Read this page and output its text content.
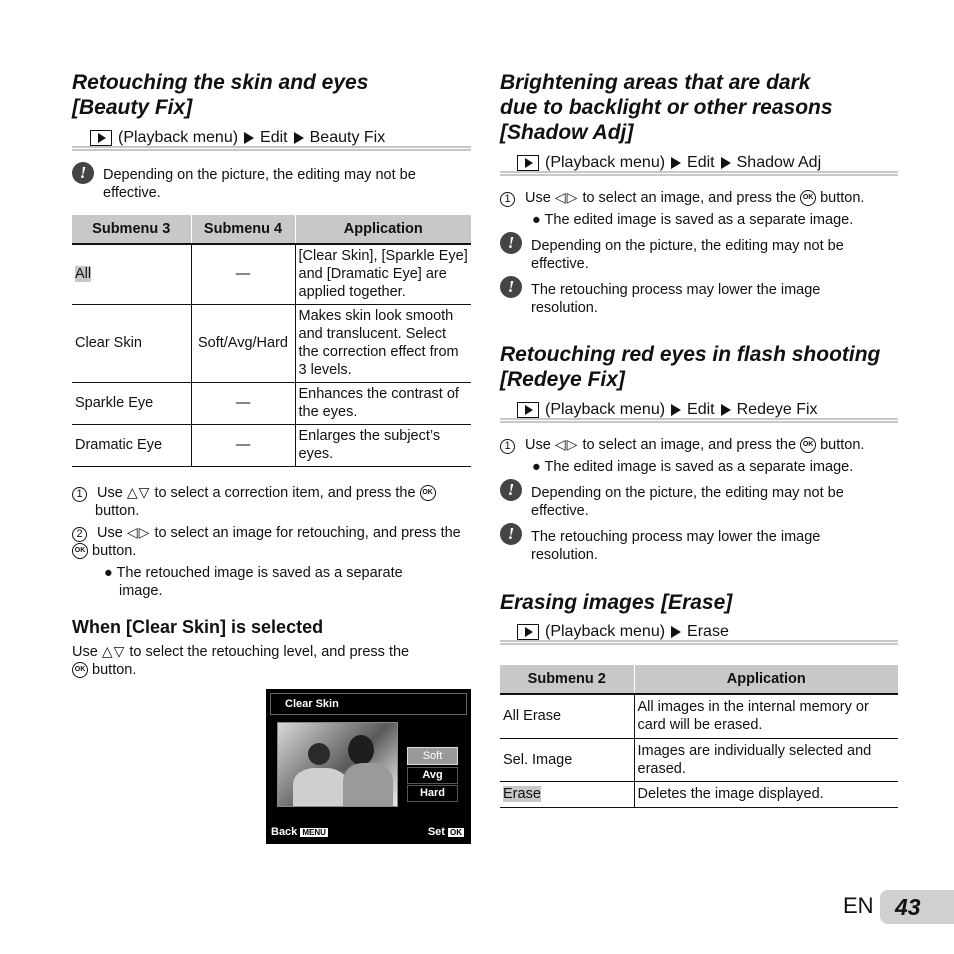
Retouching the skin and eyes
[Beauty Fix]
(Playback menu) Edit Beauty Fix
!	Depending on the picture, the editing may not be effective.
Submenu 3	Submenu 4	Application
All	—	[Clear Skin], [Sparkle Eye] and [Dramatic Eye] are applied together.
Clear Skin	Soft/Avg/Hard	Makes skin look smooth and translucent. Select the correction effect from 3 levels.
Sparkle Eye	—	Enhances the contrast of the eyes.
Dramatic Eye	—	Enlarges the subject’s eyes.
1 Use △▽ to select a correction item, and press the OK
button.
2 Use ◁▷ to select an image for retouching, and press the OK button.
● The retouched image is saved as a separate image.
When [Clear Skin] is selected
Use △▽ to select the retouching level, and press the
OK button.
Clear Skin
Soft
Avg
Hard
Back MENU	Set OK
Brightening areas that are dark
due to backlight or other reasons
[Shadow Adj]
(Playback menu) Edit Shadow Adj
1 Use ◁▷ to select an image, and press the OK button.
● The edited image is saved as a separate image.
!	Depending on the picture, the editing may not be effective.
!	The retouching process may lower the image resolution.
Retouching red eyes in flash shooting
[Redeye Fix]
(Playback menu) Edit Redeye Fix
1 Use ◁▷ to select an image, and press the OK button.
● The edited image is saved as a separate image.
!	Depending on the picture, the editing may not be effective.
!	The retouching process may lower the image resolution.
Erasing images [Erase]
(Playback menu) Erase
Submenu 2	Application
All Erase	All images in the internal memory or card will be erased.
Sel. Image	Images are individually selected and erased.
Erase	Deletes the image displayed.
EN 43
